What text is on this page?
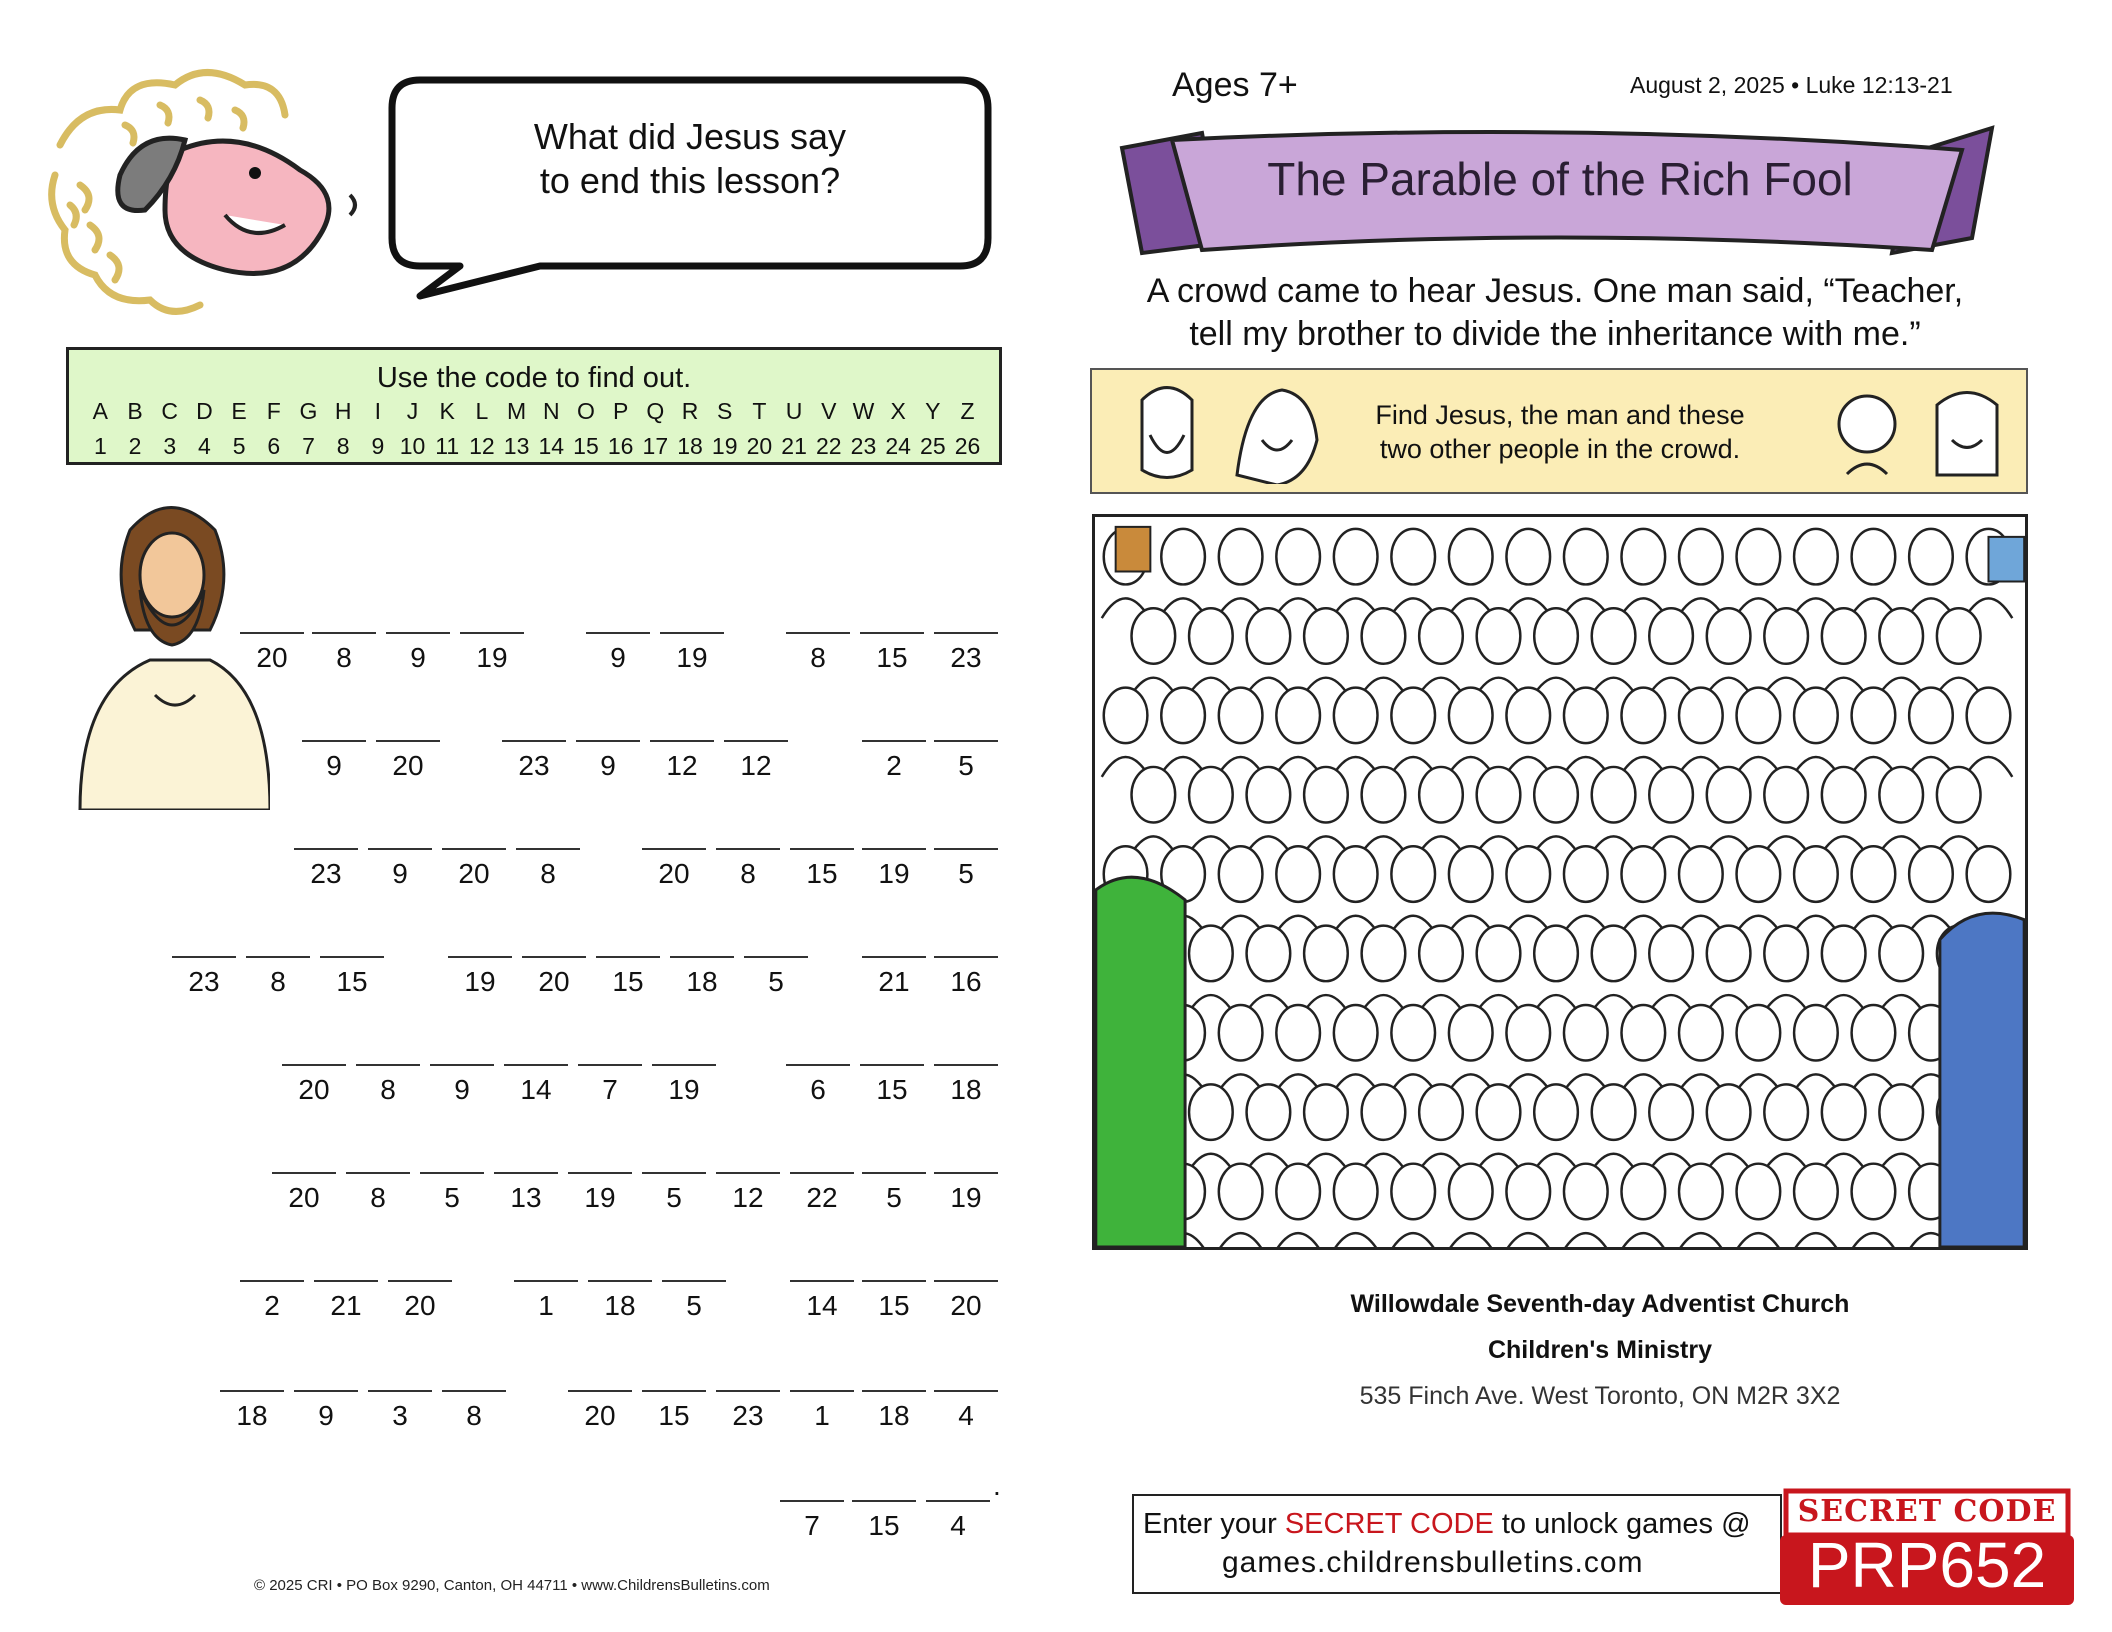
What did Jesus say
to end this lesson?
Use the code to find out.
A B C D E F G H	I	J K L M N O P Q R S T U V W X Y Z
1 2 3 4 5 6 7 8 9 10 11 12 13 14 15 16 17 18 19 20 21 22 23 24 25 26
20	8	9	19	9	19	8	15	23
9	20	23	9	12	12	2	5
23	9	20	8	20	8	15	19	5
23	8	15	19	20	15	18	5	21	16
20	8	9	14	7	19	6	15	18
20	8	5	13	19	5	12	22	5	19
2	21	20	1	18	5	14	15	20
18	9	3	8	20	15	23	1	18	4
7	15	4
.
© 2025 CRI • PO Box 9290, Canton, OH 44711 • www.ChildrensBulletins.com
Ages 7+	August 2, 2025 • Luke 12:13-21
The Parable of the Rich Fool
A crowd came to hear Jesus. One man said, “Teacher,
tell my brother to divide the inheritance with me.”
Find Jesus, the man and these
two other people in the crowd.
Willowdale Seventh-day Adventist Church
Children's Ministry
535 Finch Ave. West Toronto, ON M2R 3X2
Enter your SECRET CODE to unlock games @
games.childrensbulletins.com
SECRET CODE
PRP652
